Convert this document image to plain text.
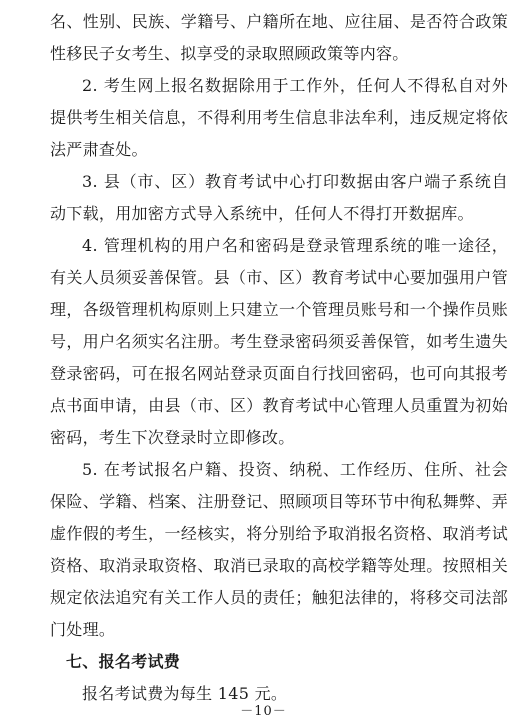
名、性别、民族、学籍号、户籍所在地、应往届、是否符合政策性移民子女考生、拟享受的录取照顾政策等内容。

2. 考生网上报名数据除用于工作外，任何人不得私自对外提供考生相关信息，不得利用考生信息非法牟利，违反规定将依法严肃查处。

3. 县（市、区）教育考试中心打印数据由客户端子系统自动下载，用加密方式导入系统中，任何人不得打开数据库。

4. 管理机构的用户名和密码是登录管理系统的唯一途径，有关人员须妥善保管。县（市、区）教育考试中心要加强用户管理，各级管理机构原则上只建立一个管理员账号和一个操作员账号，用户名须实名注册。考生登录密码须妥善保管，如考生遗失登录密码，可在报名网站登录页面自行找回密码，也可向其报考点书面申请，由县（市、区）教育考试中心管理人员重置为初始密码，考生下次登录时立即修改。

5. 在考试报名户籍、投资、纳税、工作经历、住所、社会保险、学籍、档案、注册登记、照顾项目等环节中徇私舞弊、弄虚作假的考生，一经核实，将分别给予取消报名资格、取消考试资格、取消录取资格、取消已录取的高校学籍等处理。按照相关规定依法追究有关工作人员的责任；触犯法律的，将移交司法部门处理。

七、报名考试费

报名考试费为每生 145 元。

－10－
